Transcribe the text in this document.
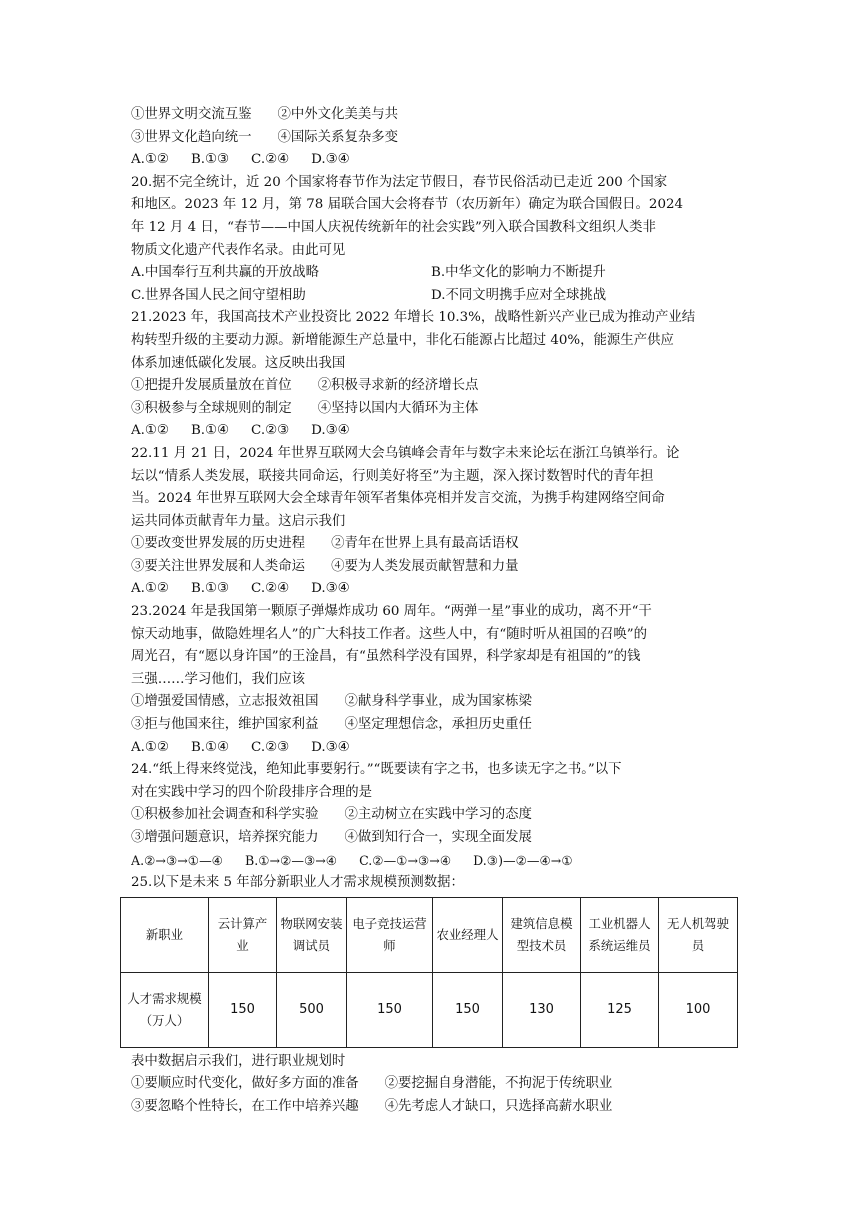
①世界文明交流互鉴 ②中外文化美美与共
③世界文化趋向统一 ④国际关系复杂多变
A.①② B.①③ C.②④ D.③④
20.据不完全统计，近 20 个国家将春节作为法定节假日，春节民俗活动已走近 200 个国家
和地区。2023 年 12 月，第 78 届联合国大会将春节（农历新年）确定为联合国假日。2024
年 12 月 4 日，“春节——中国人庆祝传统新年的社会实践”列入联合国教科文组织人类非
物质文化遗产代表作名录。由此可见
A.中国奉行互利共赢的开放战略	B.中华文化的影响力不断提升
C.世界各国人民之间守望相助	D.不同文明携手应对全球挑战
21.2023 年，我国高技术产业投资比 2022 年增长 10.3%，战略性新兴产业已成为推动产业结
构转型升级的主要动力源。新增能源生产总量中，非化石能源占比超过 40%，能源生产供应
体系加速低碳化发展。这反映出我国
①把提升发展质量放在首位 ②积极寻求新的经济增长点
③积极参与全球规则的制定 ④坚持以国内大循环为主体
A.①② B.①④ C.②③ D.③④
22.11 月 21 日，2024 年世界互联网大会乌镇峰会青年与数字未来论坛在浙江乌镇举行。论
坛以“情系人类发展，联接共同命运，行则美好将至”为主题，深入探讨数智时代的青年担
当。2024 年世界互联网大会全球青年领军者集体亮相并发言交流，为携手构建网络空间命
运共同体贡献青年力量。这启示我们
①要改变世界发展的历史进程 ②青年在世界上具有最高话语权
③要关注世界发展和人类命运 ④要为人类发展贡献智慧和力量
A.①② B.①③ C.②④ D.③④
23.2024 年是我国第一颗原子弹爆炸成功 60 周年。“两弹一星”事业的成功，离不开“干
惊天动地事，做隐姓埋名人”的广大科技工作者。这些人中，有“随时听从祖国的召唤”的
周光召，有“愿以身许国”的王淦昌，有“虽然科学没有国界，科学家却是有祖国的”的钱
三强……学习他们，我们应该
①增强爱国情感，立志报效祖国 ②献身科学事业，成为国家栋梁
③拒与他国来往，维护国家利益 ④坚定理想信念，承担历史重任
A.①② B.①④ C.②③ D.③④
24.“纸上得来终觉浅，绝知此事要躬行。”“既要读有字之书，也多读无字之书。”以下
对在实践中学习的四个阶段排序合理的是
①积极参加社会调查和科学实验 ②主动树立在实践中学习的态度
③增强问题意识，培养探究能力 ④做到知行合一，实现全面发展
A.②→③→①—④ B.①→②—③→④ C.②—①→③→④ D.③)—②—④→①
25.以下是未来 5 年部分新职业人才需求规模预测数据：
新职业	云计算产业	物联网安装调试员	电子竞技运营师	农业经理人	建筑信息模型技术员	工业机器人系统运维员	无人机驾驶员
人才需求规模（万人）	150	500	150	150	130	125	100
表中数据启示我们，进行职业规划时
①要顺应时代变化，做好多方面的准备 ②要挖掘自身潜能，不拘泥于传统职业
③要忽略个性特长，在工作中培养兴趣 ④先考虑人才缺口，只选择高薪水职业
